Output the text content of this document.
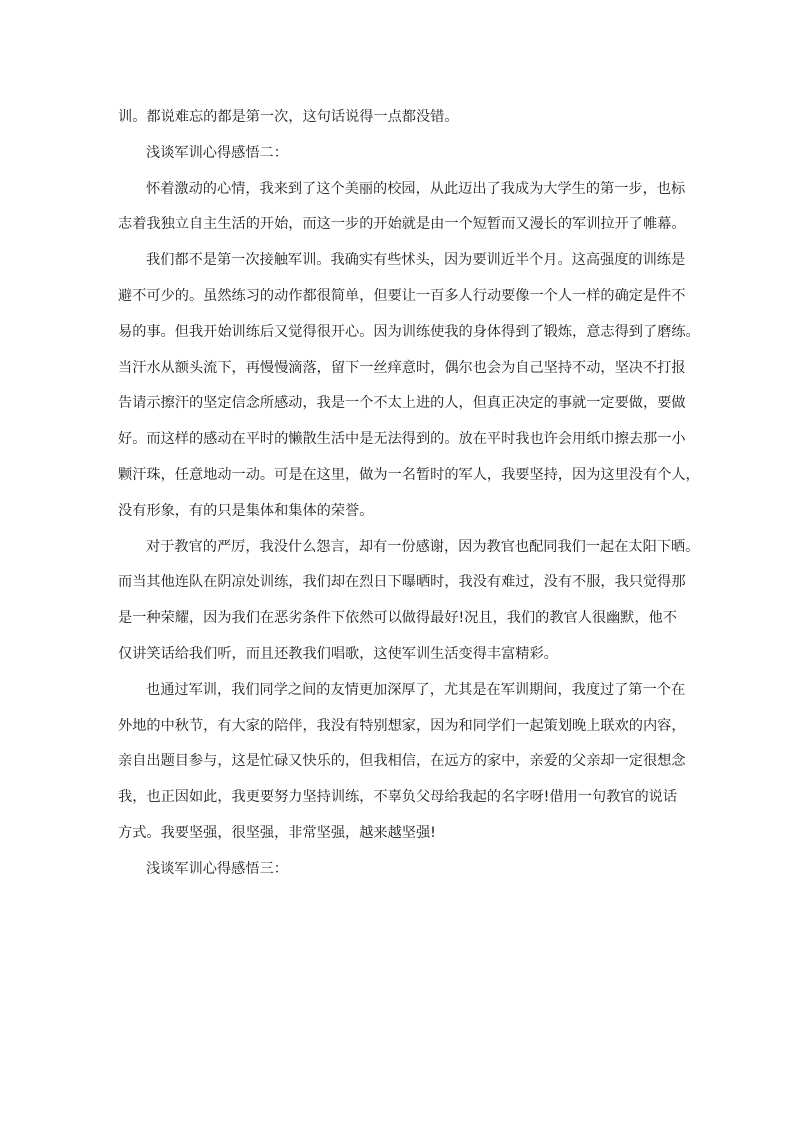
训。都说难忘的都是第一次，这句话说得一点都没错。
浅谈军训心得感悟二：
怀着激动的心情，我来到了这个美丽的校园，从此迈出了我成为大学生的第一步，也标
志着我独立自主生活的开始，而这一步的开始就是由一个短暂而又漫长的军训拉开了帷幕。
我们都不是第一次接触军训。我确实有些怵头，因为要训近半个月。这高强度的训练是
避不可少的。虽然练习的动作都很简单，但要让一百多人行动要像一个人一样的确定是件不
易的事。但我开始训练后又觉得很开心。因为训练使我的身体得到了锻炼，意志得到了磨练。
当汗水从额头流下，再慢慢滴落，留下一丝痒意时，偶尔也会为自己坚持不动，坚决不打报
告请示擦汗的坚定信念所感动，我是一个不太上进的人，但真正决定的事就一定要做，要做
好。而这样的感动在平时的懒散生活中是无法得到的。放在平时我也许会用纸巾擦去那一小
颗汗珠，任意地动一动。可是在这里，做为一名暂时的军人，我要坚持，因为这里没有个人，
没有形象，有的只是集体和集体的荣誉。
对于教官的严厉，我没什么怨言，却有一份感谢，因为教官也配同我们一起在太阳下晒。
而当其他连队在阴凉处训练，我们却在烈日下曝晒时，我没有难过，没有不服，我只觉得那
是一种荣耀，因为我们在恶劣条件下依然可以做得最好!况且，我们的教官人很幽默，他不
仅讲笑话给我们听，而且还教我们唱歌，这使军训生活变得丰富精彩。
也通过军训，我们同学之间的友情更加深厚了，尤其是在军训期间，我度过了第一个在
外地的中秋节，有大家的陪伴，我没有特别想家，因为和同学们一起策划晚上联欢的内容，
亲自出题目参与，这是忙碌又快乐的，但我相信，在远方的家中，亲爱的父亲却一定很想念
我，也正因如此，我更要努力坚持训练，不辜负父母给我起的名字呀!借用一句教官的说话
方式。我要坚强，很坚强，非常坚强，越来越坚强!
浅谈军训心得感悟三：
